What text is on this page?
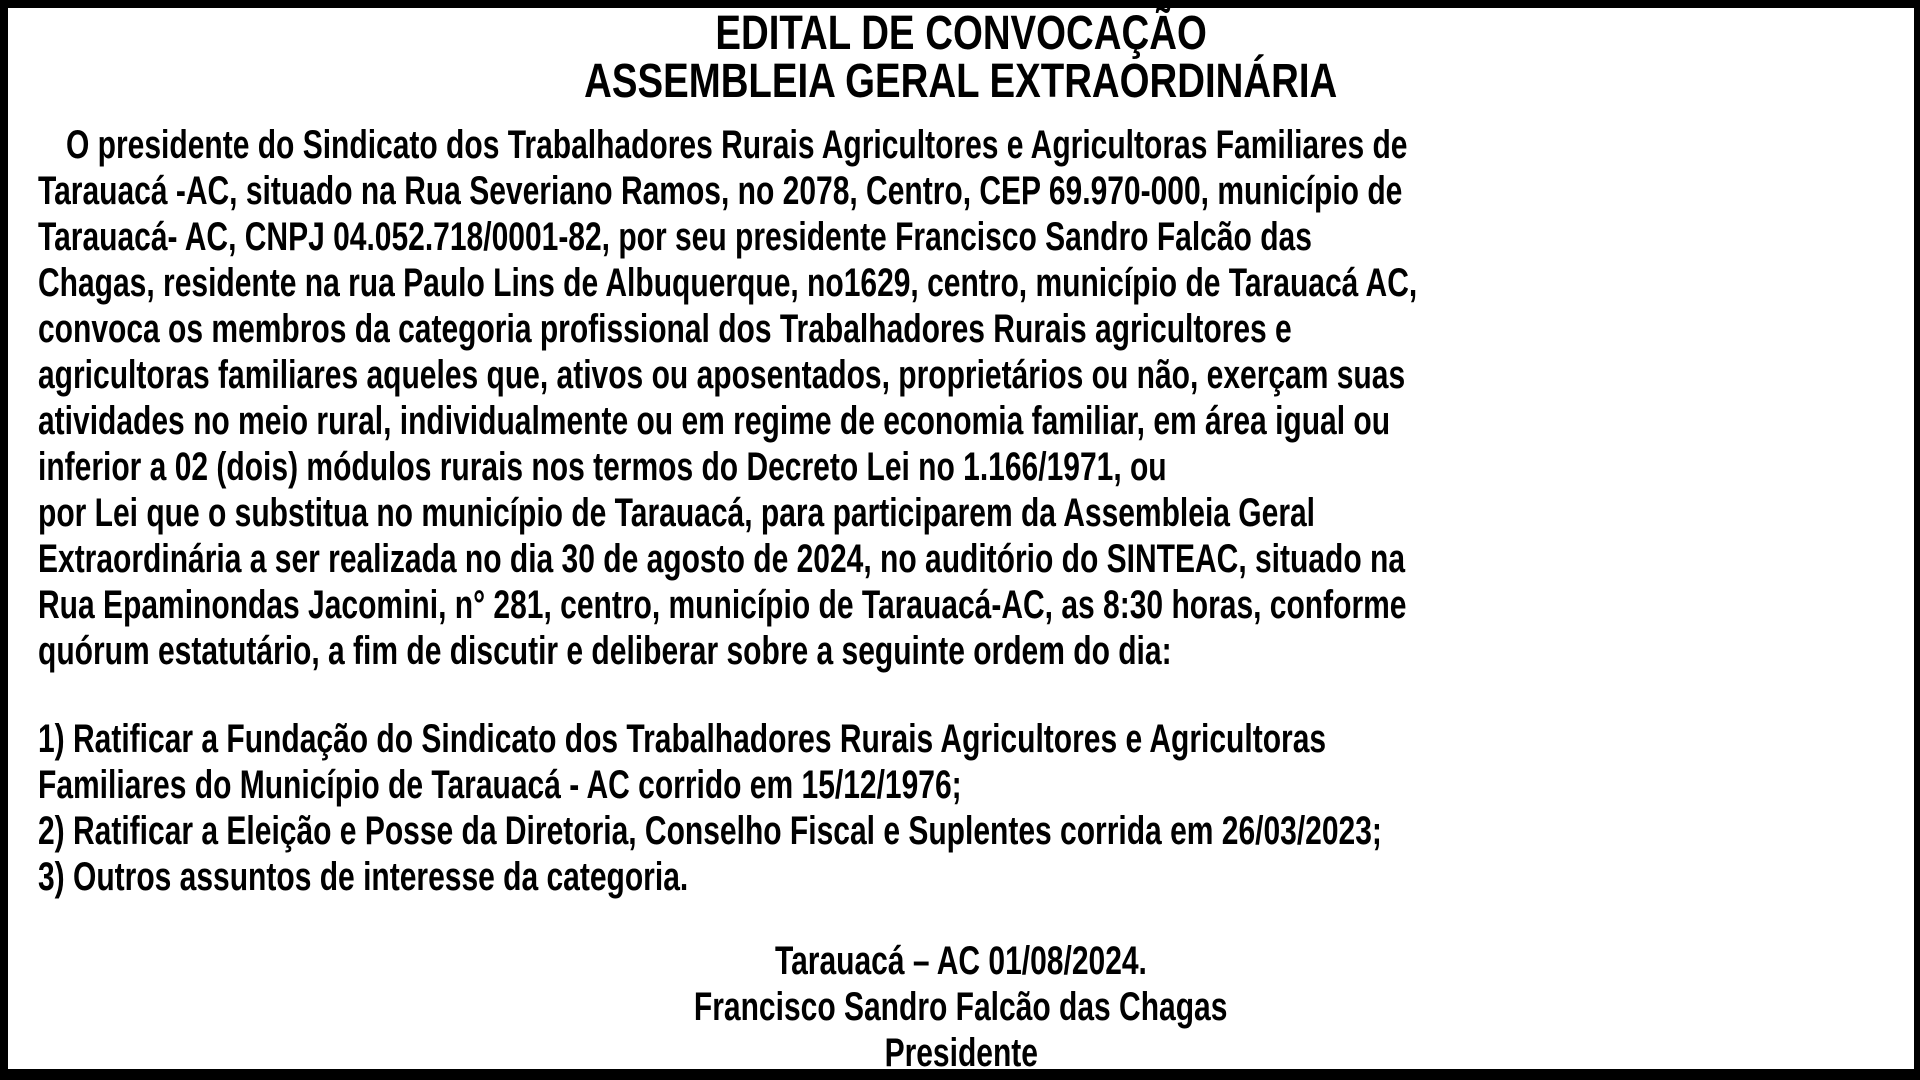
EDITAL DE CONVOCAÇÃO
ASSEMBLEIA GERAL EXTRAORDINÁRIA
O presidente do Sindicato dos Trabalhadores Rurais Agricultores e Agricultoras Familiares de
Tarauacá -AC, situado na Rua Severiano Ramos, no 2078, Centro, CEP 69.970-000, município de
Tarauacá- AC, CNPJ 04.052.718/0001-82, por seu presidente Francisco Sandro Falcão das
Chagas, residente na rua Paulo Lins de Albuquerque, no1629, centro, município de Tarauacá AC,
convoca os membros da categoria profissional dos Trabalhadores Rurais agricultores e
agricultoras familiares aqueles que, ativos ou aposentados, proprietários ou não, exerçam suas
atividades no meio rural, individualmente ou em regime de economia familiar, em área igual ou
inferior a 02 (dois) módulos rurais nos termos do Decreto Lei no 1.166/1971, ou
por Lei que o substitua no município de Tarauacá, para participarem da Assembleia Geral
Extraordinária a ser realizada no dia 30 de agosto de 2024, no auditório do SINTEAC, situado na
Rua Epaminondas Jacomini, n° 281, centro, município de Tarauacá-AC, as 8:30 horas, conforme
quórum estatutário, a fim de discutir e deliberar sobre a seguinte ordem do dia:
1) Ratificar a Fundação do Sindicato dos Trabalhadores Rurais Agricultores e Agricultoras
Familiares do Município de Tarauacá - AC corrido em 15/12/1976;
2) Ratificar a Eleição e Posse da Diretoria, Conselho Fiscal e Suplentes corrida em 26/03/2023;
3) Outros assuntos de interesse da categoria.
Tarauacá – AC 01/08/2024.
Francisco Sandro Falcão das Chagas
Presidente
